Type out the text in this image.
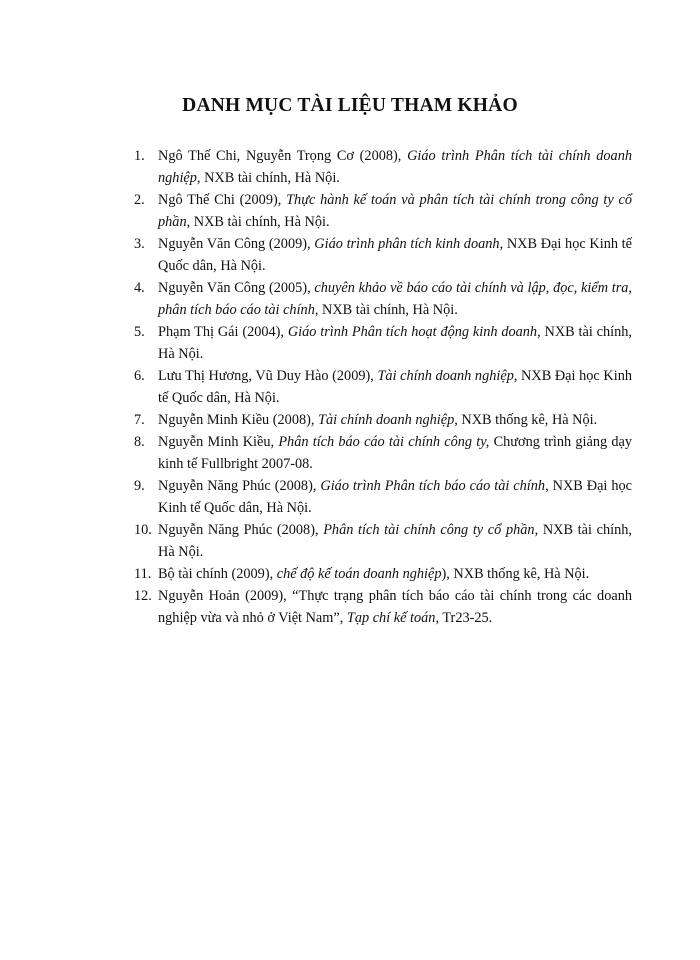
DANH MỤC TÀI LIỆU THAM KHẢO
1. Ngô Thế Chi, Nguyễn Trọng Cơ (2008), Giáo trình Phân tích tài chính doanh nghiệp, NXB tài chính, Hà Nội.
2. Ngô Thế Chi (2009), Thực hành kế toán và phân tích tài chính trong công ty cổ phần, NXB tài chính, Hà Nội.
3. Nguyễn Văn Công (2009), Giáo trình phân tích kinh doanh, NXB Đại học Kinh tế Quốc dân, Hà Nội.
4. Nguyễn Văn Công (2005), chuyên khảo về báo cáo tài chính và lập, đọc, kiểm tra, phân tích báo cáo tài chính, NXB tài chính, Hà Nội.
5. Phạm Thị Gái (2004), Giáo trình Phân tích hoạt động kinh doanh, NXB tài chính, Hà Nội.
6. Lưu Thị Hương, Vũ Duy Hào (2009), Tài chính doanh nghiệp, NXB Đại học Kinh tế Quốc dân, Hà Nội.
7. Nguyễn Minh Kiều (2008), Tài chính doanh nghiệp, NXB thống kê, Hà Nội.
8. Nguyễn Minh Kiều, Phân tích báo cáo tài chính công ty, Chương trình giảng dạy kinh tế Fullbright 2007-08.
9. Nguyễn Năng Phúc (2008), Giáo trình Phân tích báo cáo tài chính, NXB Đại học Kinh tế Quốc dân, Hà Nội.
10. Nguyễn Năng Phúc (2008), Phân tích tài chính công ty cổ phần, NXB tài chính, Hà Nội.
11. Bộ tài chính (2009), chế độ kế toán doanh nghiệp), NXB thống kê, Hà Nội.
12. Nguyễn Hoản (2009), “Thực trạng phân tích báo cáo tài chính trong các doanh nghiệp vừa và nhỏ ở Việt Nam”, Tạp chí kế toán, Tr23-25.
